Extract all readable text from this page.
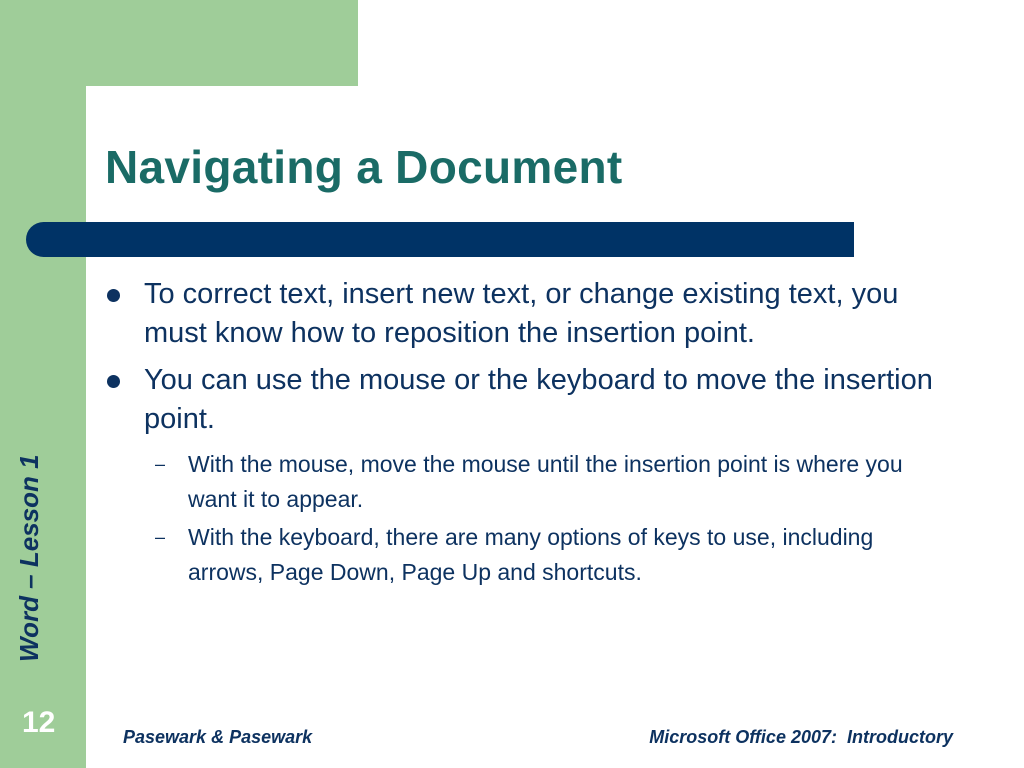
Navigating a Document
To correct text, insert new text, or change existing text, you must know how to reposition the insertion point.
You can use the mouse or the keyboard to move the insertion point.
– With the mouse, move the mouse until the insertion point is where you want it to appear.
– With the keyboard, there are many options of keys to use, including arrows, Page Down, Page Up and shortcuts.
Word – Lesson 1
12	Pasewark & Pasewark	Microsoft Office 2007:  Introductory
